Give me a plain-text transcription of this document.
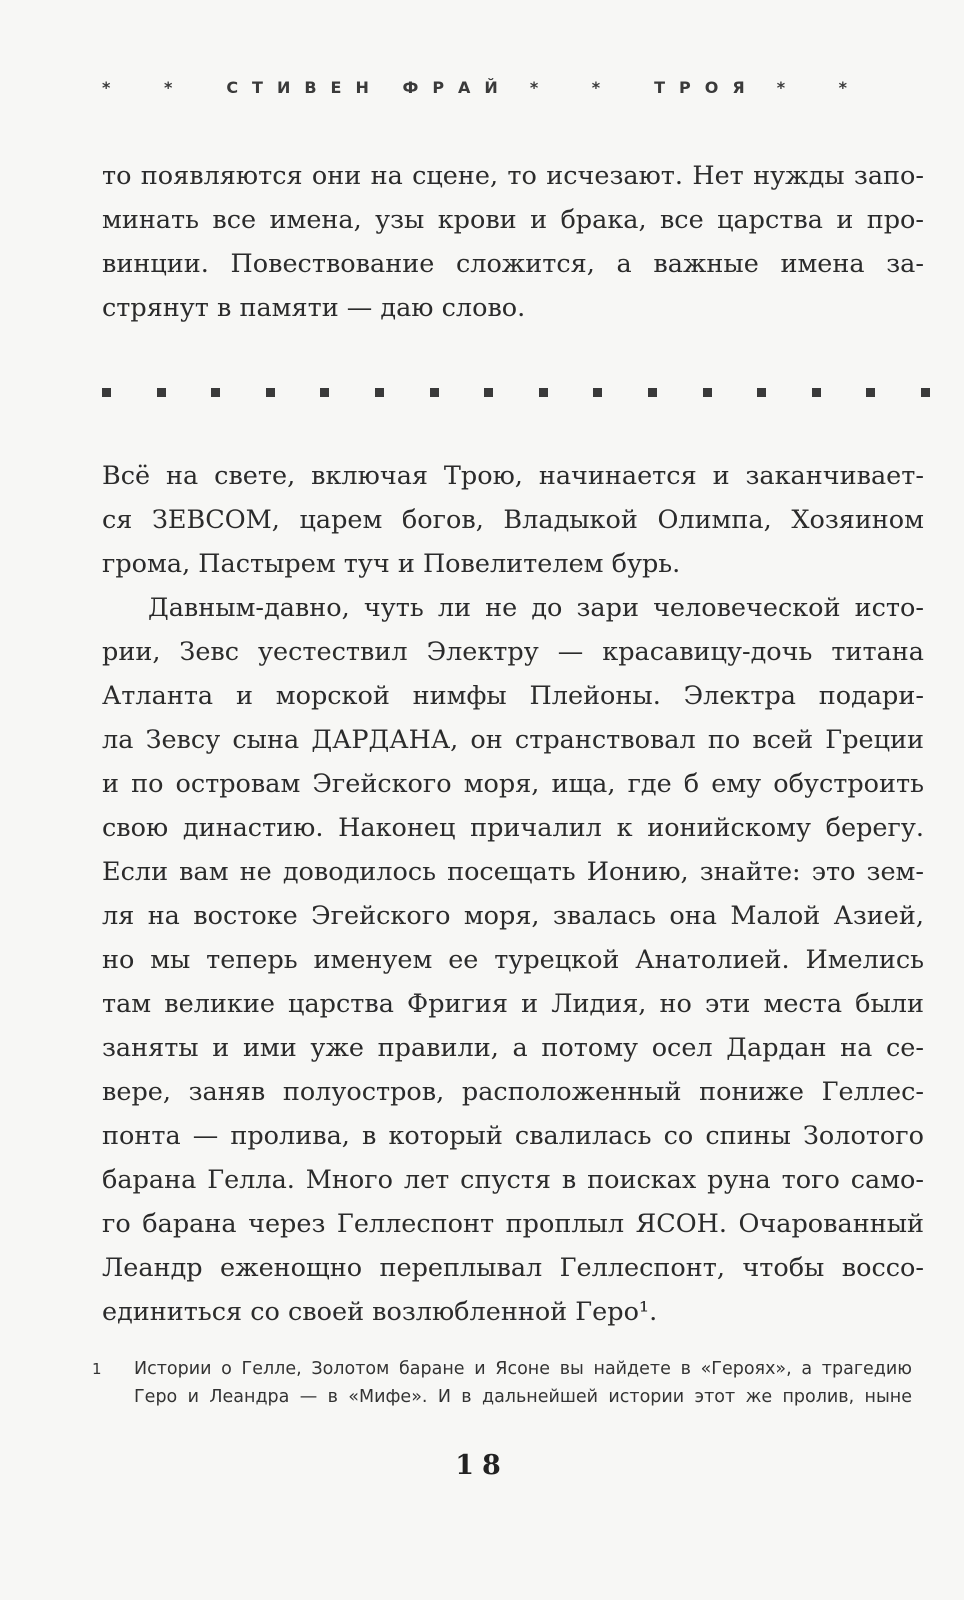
* * СТИВЕН ФРАЙ * * ТРОЯ * *
то появляются они на сцене, то исчезают. Нет нужды запо-
минать все имена, узы крови и брака, все царства и про-
винции. Повествование сложится, а важные имена за-
стрянут в памяти — даю слово.
Всё на свете, включая Трою, начинается и заканчивает-
ся ЗЕВСОМ, царем богов, Владыкой Олимпа, Хозяином
грома, Пастырем туч и Повелителем бурь.
Давным-давно, чуть ли не до зари человеческой исто-
рии, Зевс уестествил Электру — красавицу-дочь титана
Атланта и морской нимфы Плейоны. Электра подари-
ла Зевсу сына ДАРДАНА, он странствовал по всей Греции
и по островам Эгейского моря, ища, где б ему обустроить
свою династию. Наконец причалил к ионийскому берегу.
Если вам не доводилось посещать Ионию, знайте: это зем-
ля на востоке Эгейского моря, звалась она Малой Азией,
но мы теперь именуем ее турецкой Анатолией. Имелись
там великие царства Фригия и Лидия, но эти места были
заняты и ими уже правили, а потому осел Дардан на се-
вере, заняв полуостров, расположенный пониже Геллес-
понта — пролива, в который свалилась со спины Золотого
барана Гелла. Много лет спустя в поисках руна того само-
го барана через Геллеспонт проплыл ЯСОН. Очарованный
Леандр еженощно переплывал Геллеспонт, чтобы воссо-
единиться со своей возлюбленной Геро¹.
1 Истории о Гелле, Золотом баране и Ясоне вы найдете в «Героях», а трагедию
Геро и Леандра — в «Мифе». И в дальнейшей истории этот же пролив, ныне
18
